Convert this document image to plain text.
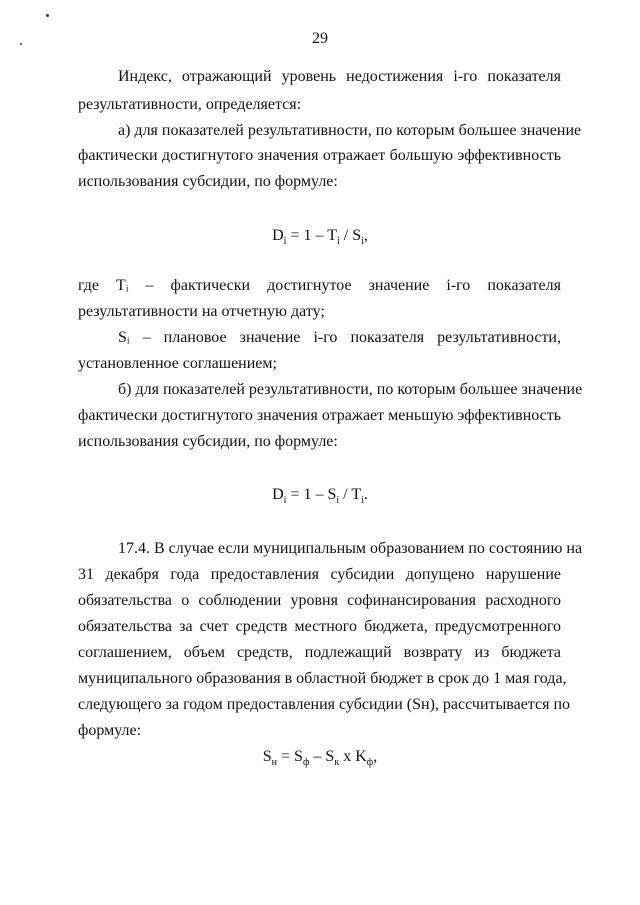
29
Индекс, отражающий уровень недостижения i-го показателя
результативности, определяется:
а) для показателей результативности, по которым большее значение
фактически достигнутого значения отражает большую эффективность
использования субсидии, по формуле:
$D_i = 1 - T_i / S_i$,
где Tᵢ – фактически достигнутое значение i-го показателя
результативности на отчетную дату;
Sᵢ – плановое значение i-го показателя результативности,
установленное соглашением;
б) для показателей результативности, по которым большее значение
фактически достигнутого значения отражает меньшую эффективность
использования субсидии, по формуле:
$D_i = 1 - S_i / T_i$.
17.4. В случае если муниципальным образованием по состоянию на
31 декабря года предоставления субсидии допущено нарушение
обязательства о соблюдении уровня софинансирования расходного
обязательства за счет средств местного бюджета, предусмотренного
соглашением, объем средств, подлежащий возврату из бюджета
муниципального образования в областной бюджет в срок до 1 мая года,
следующего за годом предоставления субсидии (Sн), рассчитывается по
формуле:
$S_н = S_ф - S_к$ х $K_ф$,
